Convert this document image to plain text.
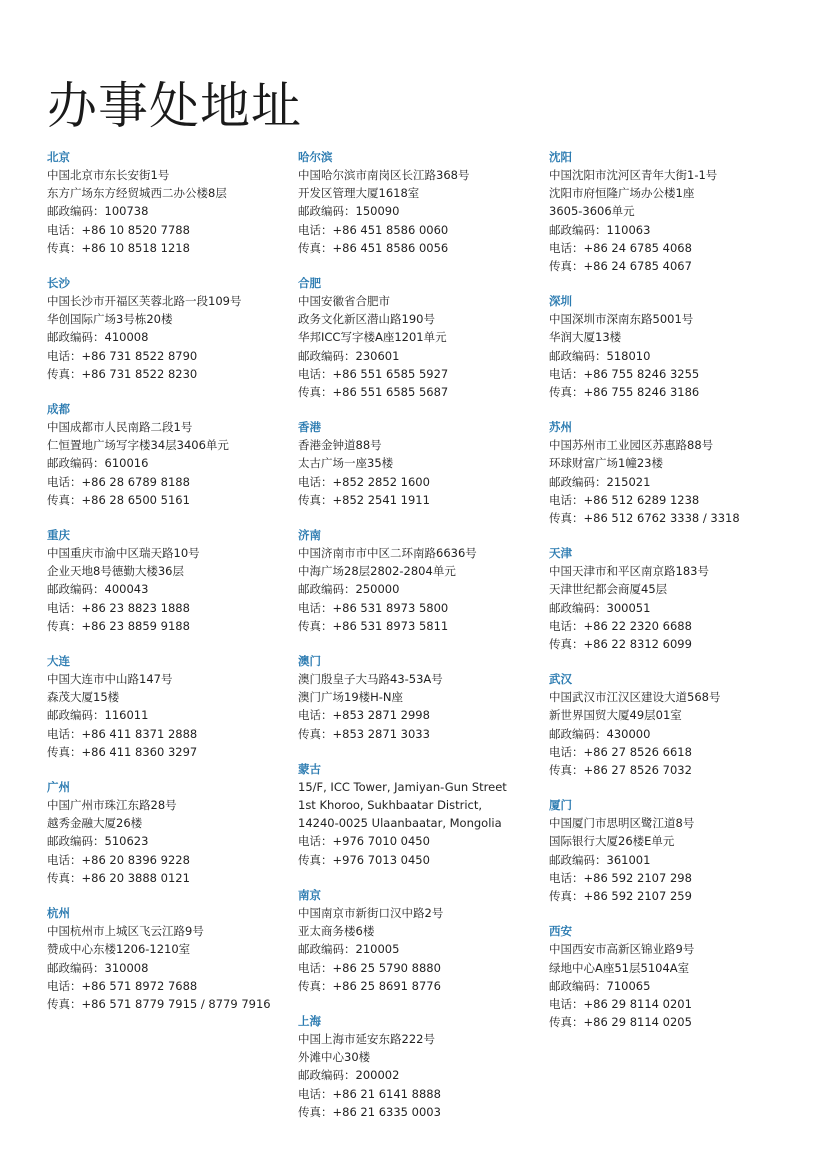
办事处地址
北京
中国北京市东长安街1号
东方广场东方经贸城西二办公楼8层
邮政编码：100738
电话：+86 10 8520 7788
传真：+86 10 8518 1218
长沙
中国长沙市开福区芙蓉北路一段109号
华创国际广场3号栋20楼
邮政编码：410008
电话：+86 731 8522 8790
传真：+86 731 8522 8230
成都
中国成都市人民南路二段1号
仁恒置地广场写字楼34层3406单元
邮政编码：610016
电话：+86 28 6789 8188
传真：+86 28 6500 5161
重庆
中国重庆市渝中区瑞天路10号
企业天地8号德勤大楼36层
邮政编码：400043
电话：+86 23 8823 1888
传真：+86 23 8859 9188
大连
中国大连市中山路147号
森茂大厦15楼
邮政编码：116011
电话：+86 411 8371 2888
传真：+86 411 8360 3297
广州
中国广州市珠江东路28号
越秀金融大厦26楼
邮政编码：510623
电话：+86 20 8396 9228
传真：+86 20 3888 0121
杭州
中国杭州市上城区飞云江路9号
赞成中心东楼1206-1210室
邮政编码：310008
电话：+86 571 8972 7688
传真：+86 571 8779 7915 / 8779 7916
哈尔滨
中国哈尔滨市南岗区长江路368号
开发区管理大厦1618室
邮政编码：150090
电话：+86 451 8586 0060
传真：+86 451 8586 0056
合肥
中国安徽省合肥市
政务文化新区潜山路190号
华邦ICC写字楼A座1201单元
邮政编码：230601
电话：+86 551 6585 5927
传真：+86 551 6585 5687
香港
香港金钟道88号
太古广场一座35楼
电话：+852 2852 1600
传真：+852 2541 1911
济南
中国济南市市中区二环南路6636号
中海广场28层2802-2804单元
邮政编码：250000
电话：+86 531 8973 5800
传真：+86 531 8973 5811
澳门
澳门殷皇子大马路43-53A号
澳门广场19楼H-N座
电话：+853 2871 2998
传真：+853 2871 3033
蒙古
15/F, ICC Tower, Jamiyan-Gun Street
1st Khoroo, Sukhbaatar District,
14240-0025 Ulaanbaatar, Mongolia
电话：+976 7010 0450
传真：+976 7013 0450
南京
中国南京市新街口汉中路2号
亚太商务楼6楼
邮政编码：210005
电话：+86 25 5790 8880
传真：+86 25 8691 8776
上海
中国上海市延安东路222号
外滩中心30楼
邮政编码：200002
电话：+86 21 6141 8888
传真：+86 21 6335 0003
沈阳
中国沈阳市沈河区青年大街1-1号
沈阳市府恒隆广场办公楼1座
3605-3606单元
邮政编码：110063
电话：+86 24 6785 4068
传真：+86 24 6785 4067
深圳
中国深圳市深南东路5001号
华润大厦13楼
邮政编码：518010
电话：+86 755 8246 3255
传真：+86 755 8246 3186
苏州
中国苏州市工业园区苏惠路88号
环球财富广场1幢23楼
邮政编码：215021
电话：+86 512 6289 1238
传真：+86 512 6762 3338 / 3318
天津
中国天津市和平区南京路183号
天津世纪都会商厦45层
邮政编码：300051
电话：+86 22 2320 6688
传真：+86 22 8312 6099
武汉
中国武汉市江汉区建设大道568号
新世界国贸大厦49层01室
邮政编码：430000
电话：+86 27 8526 6618
传真：+86 27 8526 7032
厦门
中国厦门市思明区鹭江道8号
国际银行大厦26楼E单元
邮政编码：361001
电话：+86 592 2107 298
传真：+86 592 2107 259
西安
中国西安市高新区锦业路9号
绿地中心A座51层5104A室
邮政编码：710065
电话：+86 29 8114 0201
传真：+86 29 8114 0205
